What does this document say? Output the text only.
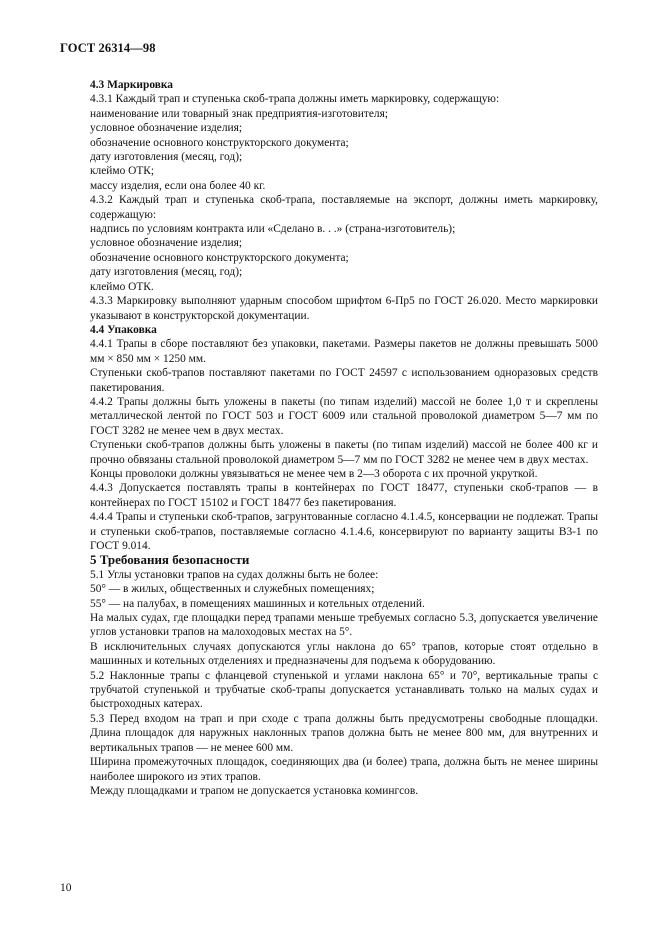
ГОСТ 26314—98

4.3 Маркировка

4.3.1 Каждый трап и ступенька скоб-трапа должны иметь маркировку, содержащую:

наименование или товарный знак предприятия-изготовителя;

условное обозначение изделия;

обозначение основного конструкторского документа;

дату изготовления (месяц, год);

клеймо ОТК;

массу изделия, если она более 40 кг.

4.3.2 Каждый трап и ступенька скоб-трапа, поставляемые на экспорт, должны иметь маркировку, содержащую:

надпись по условиям контракта или «Сделано в. . .» (страна-изготовитель);

условное обозначение изделия;

обозначение основного конструкторского документа;

дату изготовления (месяц, год);

клеймо ОТК.

4.3.3 Маркировку выполняют ударным способом шрифтом 6-Пр5 по ГОСТ 26.020. Место маркировки указывают в конструкторской документации.

4.4 Упаковка

4.4.1 Трапы в сборе поставляют без упаковки, пакетами. Размеры пакетов не должны превышать 5000 мм × 850 мм × 1250 мм.

Ступеньки скоб-трапов поставляют пакетами по ГОСТ 24597 с использованием одноразовых средств пакетирования.

4.4.2 Трапы должны быть уложены в пакеты (по типам изделий) массой не более 1,0 т и скреплены металлической лентой по ГОСТ 503 и ГОСТ 6009 или стальной проволокой диаметром 5—7 мм по ГОСТ 3282 не менее чем в двух местах.

Ступеньки скоб-трапов должны быть уложены в пакеты (по типам изделий) массой не более 400 кг и прочно обвязаны стальной проволокой диаметром 5—7 мм по ГОСТ 3282 не менее чем в двух местах.

Концы проволоки должны увязываться не менее чем в 2—3 оборота с их прочной укруткой.

4.4.3 Допускается поставлять трапы в контейнерах по ГОСТ 18477, ступеньки скоб-трапов — в контейнерах по ГОСТ 15102 и ГОСТ 18477 без пакетирования.

4.4.4 Трапы и ступеньки скоб-трапов, загрунтованные согласно 4.1.4.5, консервации не подлежат. Трапы и ступеньки скоб-трапов, поставляемые согласно 4.1.4.6, консервируют по варианту защиты В3-1 по ГОСТ 9.014.

5 Требования безопасности

5.1 Углы установки трапов на судах должны быть не более:

50° — в жилых, общественных и служебных помещениях;

55° — на палубах, в помещениях машинных и котельных отделений.

На малых судах, где площадки перед трапами меньше требуемых согласно 5.3, допускается увеличение углов установки трапов на малоходовых местах на 5°.

В исключительных случаях допускаются углы наклона до 65° трапов, которые стоят отдельно в машинных и котельных отделениях и предназначены для подъема к оборудованию.

5.2 Наклонные трапы с фланцевой ступенькой и углами наклона 65° и 70°, вертикальные трапы с трубчатой ступенькой и трубчатые скоб-трапы допускается устанавливать только на малых судах и быстроходных катерах.

5.3 Перед входом на трап и при сходе с трапа должны быть предусмотрены свободные площадки. Длина площадок для наружных наклонных трапов должна быть не менее 800 мм, для внутренних и вертикальных трапов — не менее 600 мм.

Ширина промежуточных площадок, соединяющих два (и более) трапа, должна быть не менее ширины наиболее широкого из этих трапов.

Между площадками и трапом не допускается установка комингсов.

10
